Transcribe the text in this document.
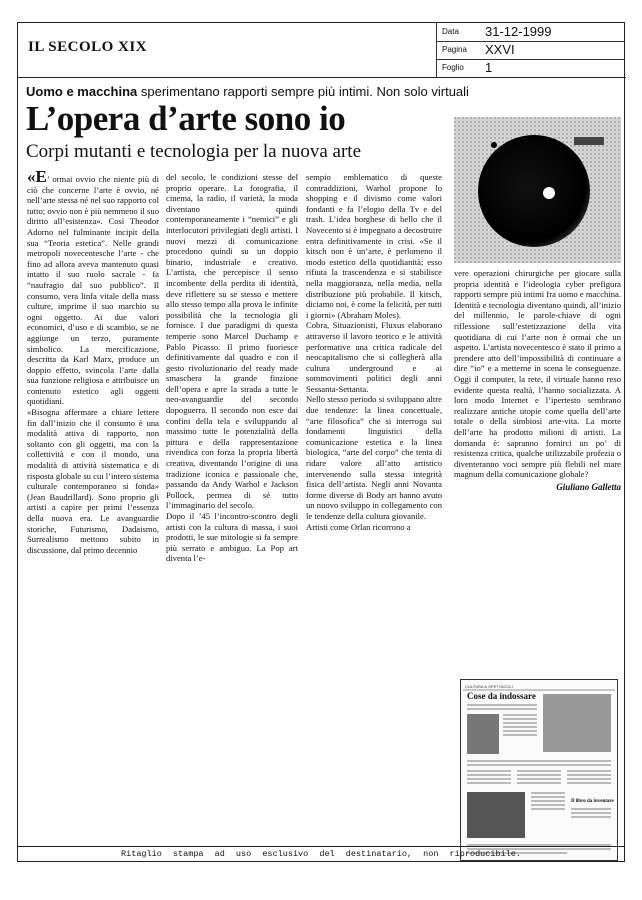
IL SECOLO XIX
Data 31-12-1999
Pagina XXVI
Foglio 1
Uomo e macchina sperimentano rapporti sempre più intimi. Non solo virtuali
L’opera d’arte sono io
Corpi mutanti e tecnologia per la nuova arte

«E’ ormai ovvio che niente più di ciò che concerne l’arte è ovvio, né nell’arte stessa né nel suo rapporto col tutto; ovvio non è più nemmeno il suo diritto all’esistenza». Così Theodor Adorno nel fulminante incipit della sua “Teoria estetica”. Nelle grandi metropoli novecentesche l’arte - che fino ad allora aveva mantenuto quasi intatto il suo ruolo sacrale - fa “naufragio dal suo pubblico”. Il consumo, vera linfa vitale della mass culture, imprime il suo marchio su ogni oggetto. Ai due valori economici, d’uso e di scambio, se ne aggiunge un terzo, puramente simbolico. La mercificazione, descritta da Karl Marx, produce un doppio effetto, svincola l’arte dalla sua funzione religiosa e attribuisce un contenuto estetico agli oggetti quotidiani.

«Bisogna affermare a chiare lettere fin dall’inizio che il consumo è una modalità attiva di rapporto, non soltanto con gli oggetti, ma con la collettività e con il mondo, una modalità di attività sistematica e di risposta globale su cui l’intero sistema culturale contemporaneo si fonda» (Jean Baudrillard). Sono proprio gli artisti a capire per primi l’essenza della nuova era. Le avanguardie storiche, Futurismo, Dadaismo, Surrealismo mettono subito in discussione, dal primo decennio

del secolo, le condizioni stesse del proprio operare. La fotografia, il cinema, la radio, il varietà, la moda diventano quindi contemporaneamente i “nemici” e gli interlocutori privilegiati degli artisti. I nuovi mezzi di comunicazione procedono quindi su un doppio binario, industriale e creativo. L’artista, che percepisce il senso incombente della perdita di identità, deve riflettere su se stesso e mettere allo stesso tempo alla prova le infinite possibilità che la tecnologia gli fornisce. I due paradigmi di questa temperie sono Marcel Duchamp e Pablo Picasso. Il primo fuoriesce definitivamente dal quadro e con il gesto rivoluzionario del ready made smaschera la grande finzione dell’opera e apre la strada a tutte le neo-avanguardie del secondo dopoguerra. Il secondo non esce dai confini della tela e sviluppando al massimo tutte le potenzialità della pittura e della rappresentazione rivendica con forza la propria libertà creativa, diventando l’origine di una tradizione iconica e passionale che, passando da Andy Warhol e Jackson Pollock, permea di sé tutto l’immaginario del secolo.

Dopo il ’45 l’incontro-scontro degli artisti con la cultura di massa, i suoi prodotti, le sue mitologie si fa sempre più serrato e ambiguo. La Pop art diventa l’e-

sempio emblematico di queste contraddizioni, Warhol propone lo shopping e il divismo come valori fondanti e fa l’elogio della Tv e del trash. L’idea borghese di bello che il Novecento si è impegnato a decostruire entra definitivamente in crisi. «Se il kitsch non è un’arte, è perlomeno il modo estetico della quotidianità; esso rifiuta la trascendenza e si stabilisce nella maggioranza, nella media, nella distribuzione più probabile. Il kitsch, diciamo noi, è come la felicità, per tutti i giorni» (Abraham Moles).

Cobra, Situazionisti, Fluxus elaborano attraverso il lavoro teorico e le attività performative una critica radicale del neocapitalismo che si collegherà alla cultura underground e ai sommovimenti politici degli anni Sessanta-Settanta.

Nello stesso periodo si sviluppano altre due tendenze: la linea concettuale, “arte filosofica” che si interroga sui fondamenti linguistici della comunicazione estetica e la linea biologica, “arte del corpo” che tenta di ridare valore all’atto artistico intervenendo sulla stessa integrità fisica dell’artista. Negli anni Novanta forme diverse di Body art hanno avuto un nuovo sviluppo in collegamento con le tendenze della cultura giovanile.

Artisti come Orlan ricorrono a

vere operazioni chirurgiche per giocare sulla propria identità e l’ideologia cyber prefigura rapporti sempre più intimi fra uomo e macchina. Identità e tecnologia diventano quindi, all’inizio del millennio, le parole-chiave di ogni riflessione sull’estetizzazione della vita quotidiana di cui l’arte non è ormai che un aspetto. L’artista novecentesco è stato il primo a prendere atto dell’impossibilità di continuare a dire “io” e a metterne in scena le conseguenze. Oggi il computer, la rete, il virtuale hanno reso evidente questa realtà, l’hanno socializzata. A loro modo Internet e l’ipertesto sembrano realizzare antiche utopie come quella dell’arte totale o della simbiosi arte-vita. La morte dell’arte ha prodotto milioni di artisti. La domanda è: sapranno fornirci un po’ di resistenza critica, qualche utilizzabile profezia o diventeranno voci sempre più flebili nel mare magnum della comunicazione globale?

Giuliano Galletta
CULTURA & SPETTACOLI
Cose da indossare
Il libro da inventare
Ritaglio stampa ad uso esclusivo del destinatario, non riproducibile.
